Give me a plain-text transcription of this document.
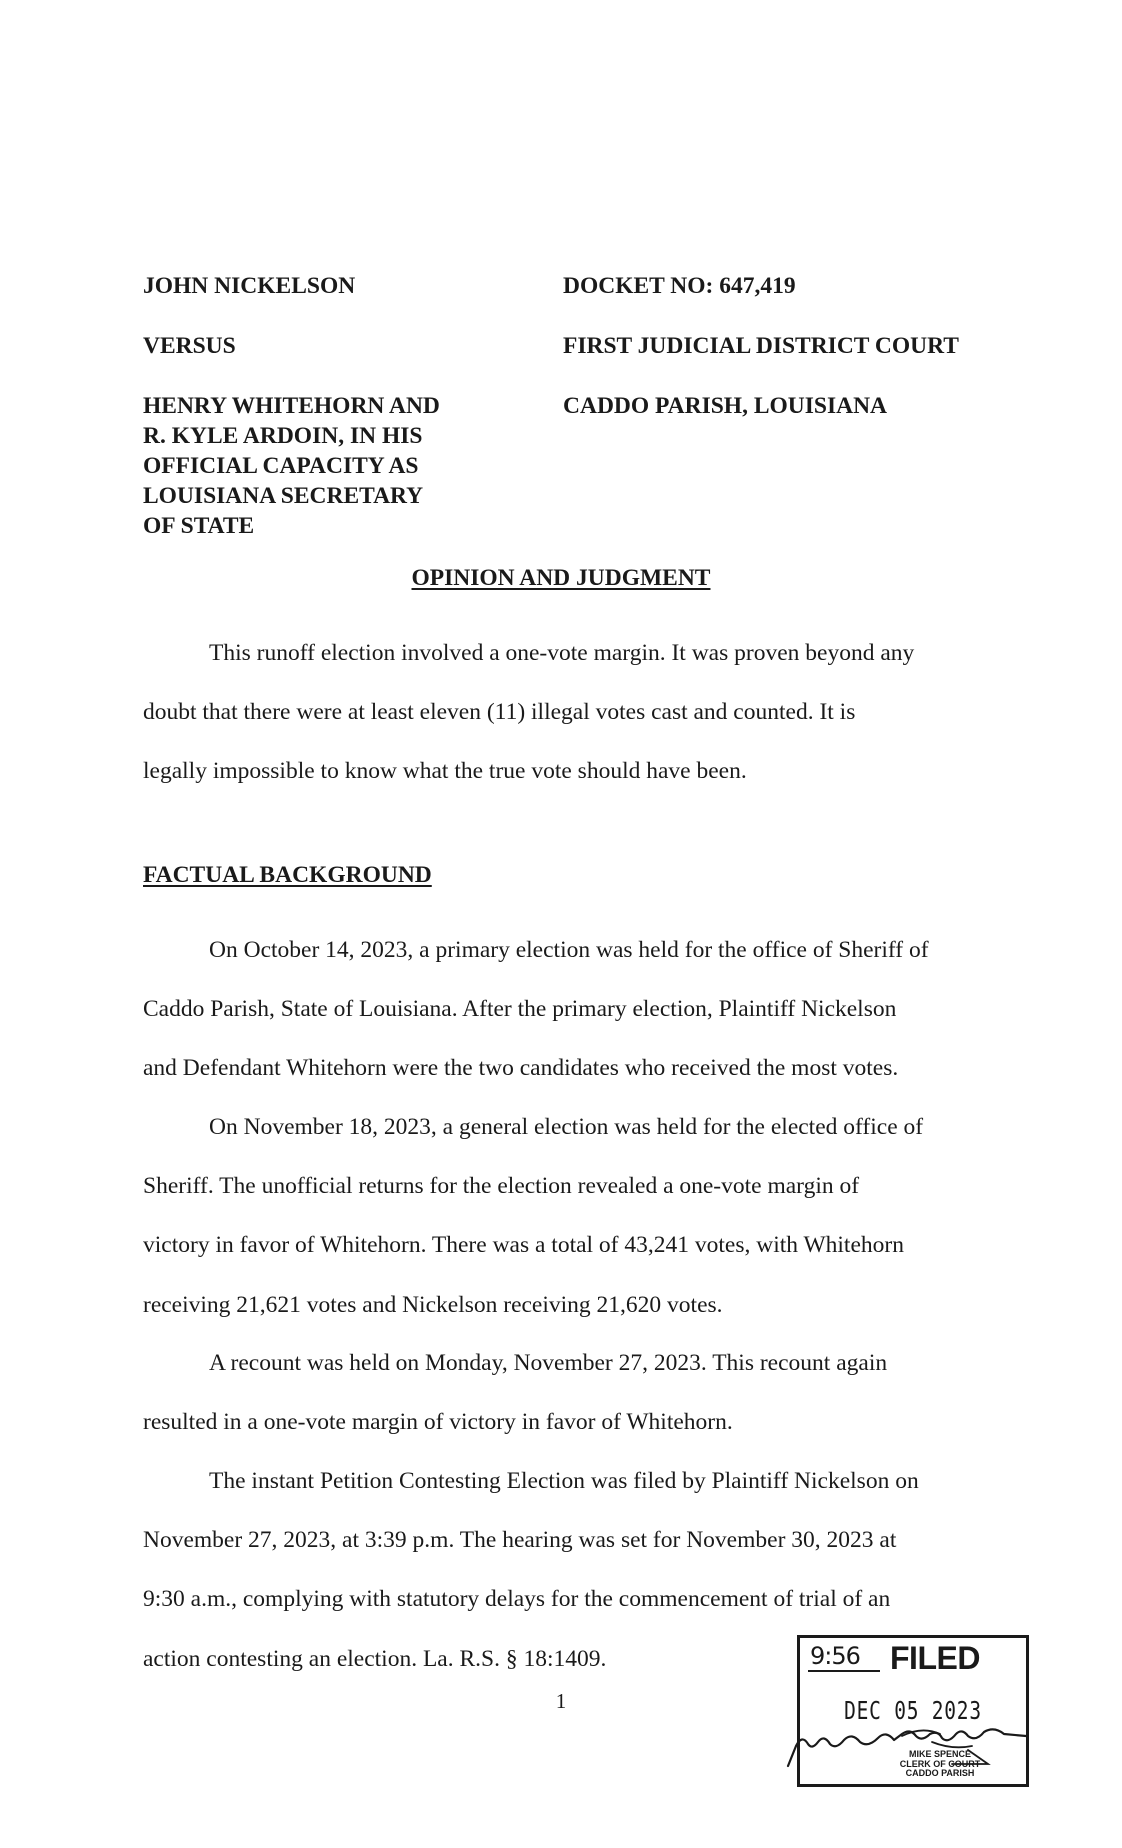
JOHN NICKELSON

VERSUS

HENRY WHITEHORN AND

R. KYLE ARDOIN, IN HIS

OFFICIAL CAPACITY AS

LOUISIANA SECRETARY

OF STATE

DOCKET NO: 647,419

FIRST JUDICIAL DISTRICT COURT

CADDO PARISH, LOUISIANA

OPINION AND JUDGMENT

This runoff election involved a one-vote margin. It was proven beyond any
doubt that there were at least eleven (11) illegal votes cast and counted. It is
legally impossible to know what the true vote should have been.

FACTUAL BACKGROUND

On October 14, 2023, a primary election was held for the office of Sheriff of
Caddo Parish, State of Louisiana. After the primary election, Plaintiff Nickelson
and Defendant Whitehorn were the two candidates who received the most votes.

On November 18, 2023, a general election was held for the elected office of
Sheriff. The unofficial returns for the election revealed a one-vote margin of
victory in favor of Whitehorn. There was a total of 43,241 votes, with Whitehorn
receiving 21,621 votes and Nickelson receiving 21,620 votes.

A recount was held on Monday, November 27, 2023. This recount again
resulted in a one-vote margin of victory in favor of Whitehorn.

The instant Petition Contesting Election was filed by Plaintiff Nickelson on
November 27, 2023, at 3:39 p.m. The hearing was set for November 30, 2023 at
9:30 a.m., complying with statutory delays for the commencement of trial of an
action contesting an election. La. R.S. § 18:1409.

1
9:56 FILED
DEC 05 2023
MIKE SPENCE
CLERK OF COURT
CADDO PARISH
